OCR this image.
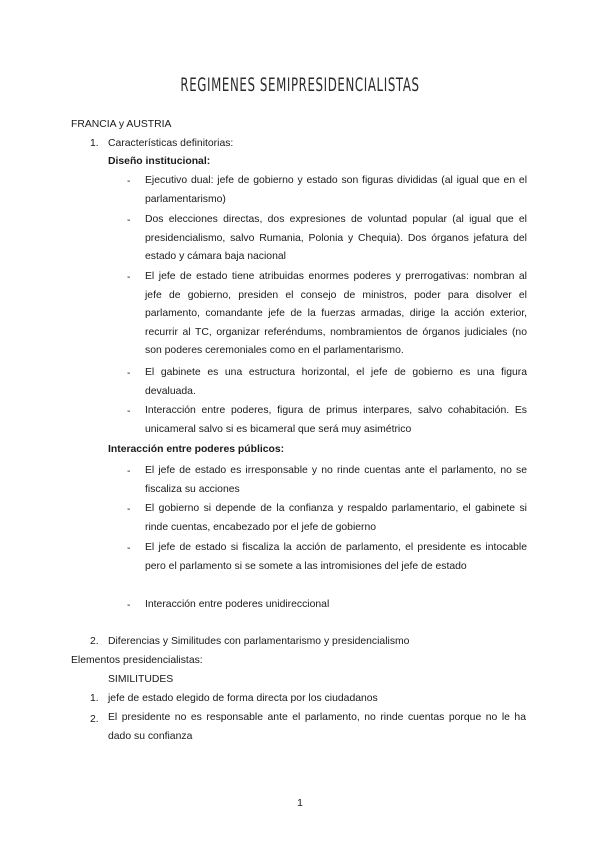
REGIMENES SEMIPRESIDENCIALISTAS
FRANCIA y AUSTRIA
1. Características definitorias:
Diseño institucional:
- Ejecutivo dual: jefe de gobierno y estado son figuras divididas (al igual que en el parlamentarismo)
- Dos elecciones directas, dos expresiones de voluntad popular (al igual que el presidencialismo, salvo Rumania, Polonia y Chequia). Dos órganos jefatura del estado y cámara baja nacional
- El jefe de estado tiene atribuidas enormes poderes y prerrogativas: nombran al jefe de gobierno, presiden el consejo de ministros, poder para disolver el parlamento, comandante jefe de la fuerzas armadas, dirige la acción exterior, recurrir al TC, organizar referéndums, nombramientos de órganos judiciales (no son poderes ceremoniales como en el parlamentarismo.
- El gabinete es una estructura horizontal, el jefe de gobierno es una figura devaluada.
- Interacción entre poderes, figura de primus interpares, salvo cohabitación. Es unicameral salvo si es bicameral que será muy asimétrico
Interacción entre poderes públicos:
- El jefe de estado es irresponsable y no rinde cuentas ante el parlamento, no se fiscaliza su acciones
- El gobierno si depende de la confianza y respaldo parlamentario, el gabinete si rinde cuentas, encabezado por el jefe de gobierno
- El jefe de estado si fiscaliza la acción de parlamento, el presidente es intocable pero el parlamento si se somete a las intromisiones del jefe de estado
- Interacción entre poderes unidireccional
2. Diferencias y Similitudes con parlamentarismo y presidencialismo
Elementos presidencialistas:
SIMILITUDES
1. jefe de estado elegido de forma directa por los ciudadanos
2. El presidente no es responsable ante el parlamento, no rinde cuentas porque no le ha dado su confianza
1
